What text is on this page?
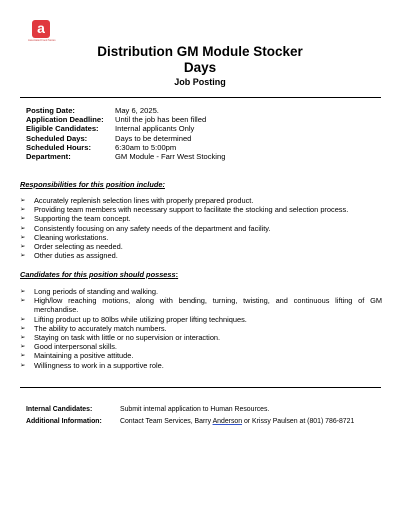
a
Associated Food Stores
Distribution GM Module Stocker
Days
Job Posting
Posting Date:	May 6, 2025.
Application Deadline:	Until the job has been filled
Eligible Candidates:	Internal applicants Only
Scheduled Days:	Days to be determined
Scheduled Hours:	6:30am to 5:00pm
Department:	GM Module - Farr West Stocking
Responsibilities for this position include:
➢	Accurately replenish selection lines with properly prepared product.
➢	Providing team members with necessary support to facilitate the stocking and selection process.
➢	Supporting the team concept.
➢	Consistently focusing on any safety needs of the department and facility.
➢	Cleaning workstations.
➢	Order selecting as needed.
➢	Other duties as assigned.
Candidates for this position should possess:
➢	Long periods of standing and walking.
➢	High/low reaching motions, along with bending, turning, twisting, and continuous lifting of GM merchandise.
➢	Lifting product up to 80lbs while utilizing proper lifting techniques.
➢	The ability to accurately match numbers.
➢	Staying on task with little or no supervision or interaction.
➢	Good interpersonal skills.
➢	Maintaining a positive attitude.
➢	Willingness to work in a supportive role.
Internal Candidates:	Submit internal application to Human Resources.
Additional Information:	Contact Team Services, Barry Anderson or Krissy Paulsen at (801) 786-8721
